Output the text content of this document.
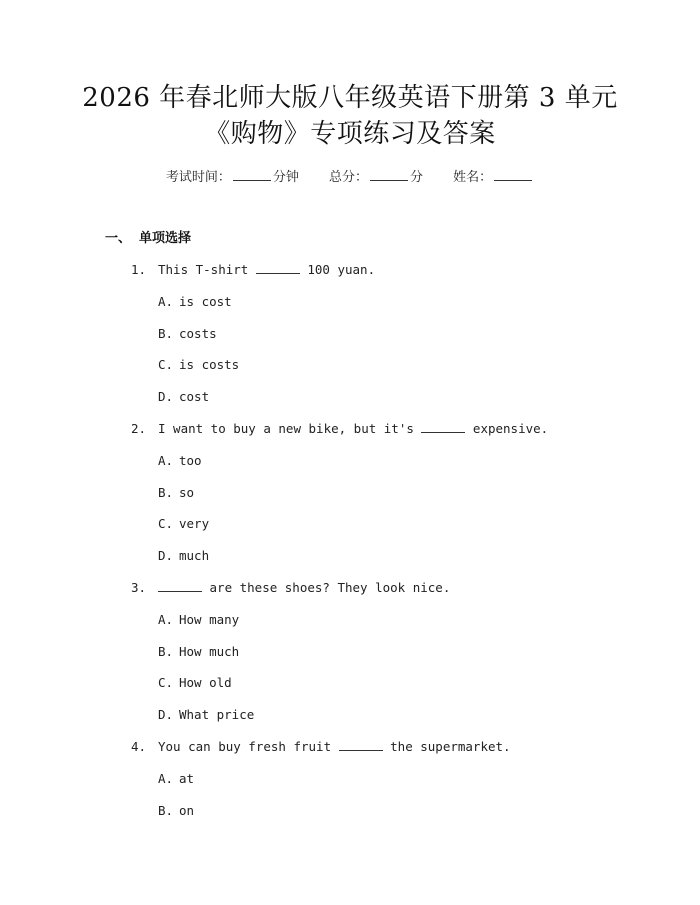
2026 年春北师大版八年级英语下册第 3 单元
《购物》专项练习及答案
考试时间：	分钟 总分：	分 姓名：
一、 单项选择
1. This T-shirt	100 yuan.
A. is cost
B. costs
C. is costs
D. cost
2. I want to buy a new bike, but it's	expensive.
A. too
B. so
C. very
D. much
3.	are these shoes? They look nice.
A. How many
B. How much
C. How old
D. What price
4. You can buy fresh fruit	the supermarket.
A. at
B. on
